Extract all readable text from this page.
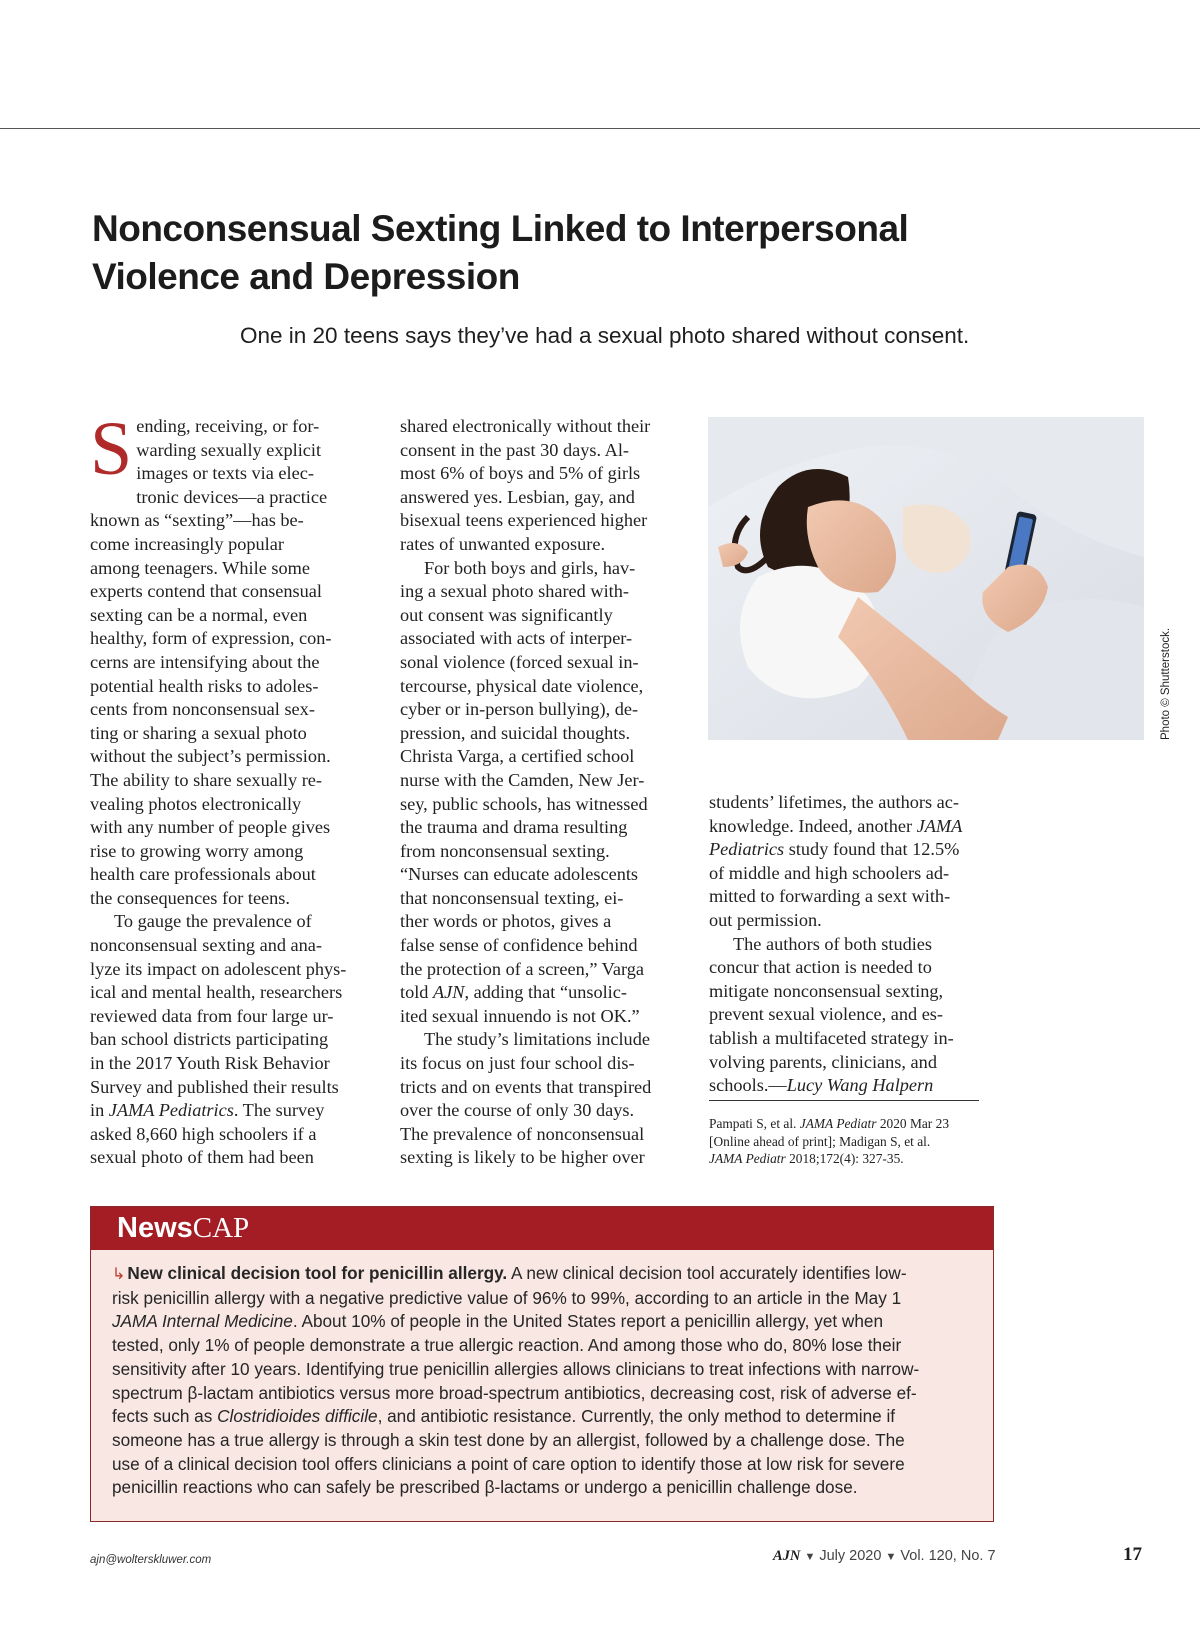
Nonconsensual Sexting Linked to Interpersonal
Violence and Depression
One in 20 teens says they’ve had a sexual photo shared without consent.
S ending, receiving, or for-
warding sexually explicit
images or texts via elec-
tronic devices—a practice
known as “sexting”—has be-
come increasingly popular
among teenagers. While some
experts contend that consensual
sexting can be a normal, even
healthy, form of expression, con-
cerns are intensifying about the
potential health risks to adoles-
cents from nonconsensual sex-
ting or sharing a sexual photo
without the subject’s permission.
The ability to share sexually re-
vealing photos electronically
with any number of people gives
rise to growing worry among
health care professionals about
the consequences for teens.
To gauge the prevalence of
nonconsensual sexting and ana-
lyze its impact on adolescent phys-
ical and mental health, researchers
reviewed data from four large ur-
ban school districts participating
in the 2017 Youth Risk Behavior
Survey and published their results
in JAMA Pediatrics. The survey
asked 8,660 high schoolers if a
sexual photo of them had been
shared electronically without their
consent in the past 30 days. Al-
most 6% of boys and 5% of girls
answered yes. Lesbian, gay, and
bisexual teens experienced higher
rates of unwanted exposure.
For both boys and girls, hav-
ing a sexual photo shared with-
out consent was significantly
associated with acts of interper-
sonal violence (forced sexual in-
tercourse, physical date violence,
cyber or in-person bullying), de-
pression, and suicidal thoughts.
Christa Varga, a certified school
nurse with the Camden, New Jer-
sey, public schools, has witnessed
the trauma and drama resulting
from nonconsensual sexting.
“Nurses can educate adolescents
that nonconsensual texting, ei-
ther words or photos, gives a
false sense of confidence behind
the protection of a screen,” Varga
told AJN, adding that “unsolic-
ited sexual innuendo is not OK.”
The study’s limitations include
its focus on just four school dis-
tricts and on events that transpired
over the course of only 30 days.
The prevalence of nonconsensual
sexting is likely to be higher over
Photo © Shutterstock.
students’ lifetimes, the authors ac-
knowledge. Indeed, another JAMA
Pediatrics study found that 12.5%
of middle and high schoolers ad-
mitted to forwarding a sext with-
out permission.
The authors of both studies
concur that action is needed to
mitigate nonconsensual sexting,
prevent sexual violence, and es-
tablish a multifaceted strategy in-
volving parents, clinicians, and
schools.—Lucy Wang Halpern
Pampati S, et al. JAMA Pediatr 2020 Mar 23
[Online ahead of print]; Madigan S, et al.
JAMA Pediatr 2018;172(4): 327-35.
NewsCAP
↳ New clinical decision tool for penicillin allergy. A new clinical decision tool accurately identifies low-
risk penicillin allergy with a negative predictive value of 96% to 99%, according to an article in the May 1
JAMA Internal Medicine. About 10% of people in the United States report a penicillin allergy, yet when
tested, only 1% of people demonstrate a true allergic reaction. And among those who do, 80% lose their
sensitivity after 10 years. Identifying true penicillin allergies allows clinicians to treat infections with narrow-
spectrum β-lactam antibiotics versus more broad-spectrum antibiotics, decreasing cost, risk of adverse ef-
fects such as Clostridioides difficile, and antibiotic resistance. Currently, the only method to determine if
someone has a true allergy is through a skin test done by an allergist, followed by a challenge dose. The
use of a clinical decision tool offers clinicians a point of care option to identify those at low risk for severe
penicillin reactions who can safely be prescribed β-lactams or undergo a penicillin challenge dose.
ajn@wolterskluwer.com	AJN ▼ July 2020 ▼ Vol. 120, No. 7	17
